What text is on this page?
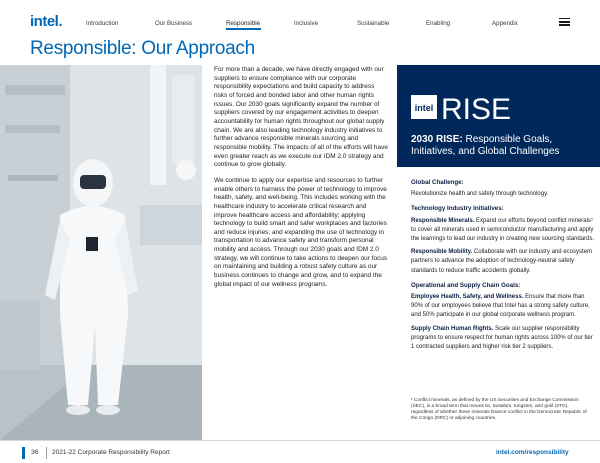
intel.	Introduction	Our Business	Responsible	Inclusive	Sustainable	Enabling	Appendix
Responsible: Our Approach

For more than a decade, we have directly engaged with our suppliers to ensure compliance with our corporate responsibility expectations and build capacity to address risks of forced and bonded labor and other human rights issues. Our 2030 goals significantly expand the number of suppliers covered by our engagement activities to deepen accountability for human rights throughout our global supply chain. We are also leading technology industry initiatives to further advance responsible minerals sourcing and responsible mobility. The impacts of all of the efforts will have even greater reach as we execute our IDM 2.0 strategy and continue to grow globally.

We continue to apply our expertise and resources to further enable others to harness the power of technology to improve health, safety, and well-being. This includes working with the healthcare industry to accelerate critical research and improve healthcare access and affordability; applying technology to build smart and safer workplaces and factories and reduce injuries; and expanding the use of technology in transportation to advance safety and transform personal mobility and access. Through our 2030 goals and IDM 2.0 strategy, we will continue to take actions to deepen our focus on maintaining and building a robust safety culture as our business continues to change and grow, and to expand the global impact of our wellness programs.

intel RISE
2030 RISE: Responsible Goals, Initiatives, and Global Challenges
Global Challenge:

Revolutionize health and safety through technology.

Technology Industry Initiatives:

Responsible Minerals. Expand our efforts beyond conflict minerals¹ to cover all minerals used in semiconductor manufacturing and apply the learnings to lead our industry in creating new sourcing standards.

Responsible Mobility. Collaborate with our industry and ecosystem partners to advance the adoption of technology-neutral safety standards to reduce traffic accidents globally.

Operational and Supply Chain Goals:

Employee Health, Safety, and Wellness. Ensure that more than 90% of our employees believe that Intel has a strong safety culture, and 50% participate in our global corporate wellness program.

Supply Chain Human Rights. Scale our supplier responsibility programs to ensure respect for human rights across 100% of our tier 1 contracted suppliers and higher risk tier 2 suppliers.

¹ Conflict minerals, as defined by the US Securities and Exchange Commission (SEC), is a broad term that means tin, tantalum, tungsten, and gold (3TG), regardless of whether these minerals finance conflict in the Democratic Republic of the Congo (DRC) or adjoining countries.
36 2021-22 Corporate Responsibility Report	intel.com/responsibility
